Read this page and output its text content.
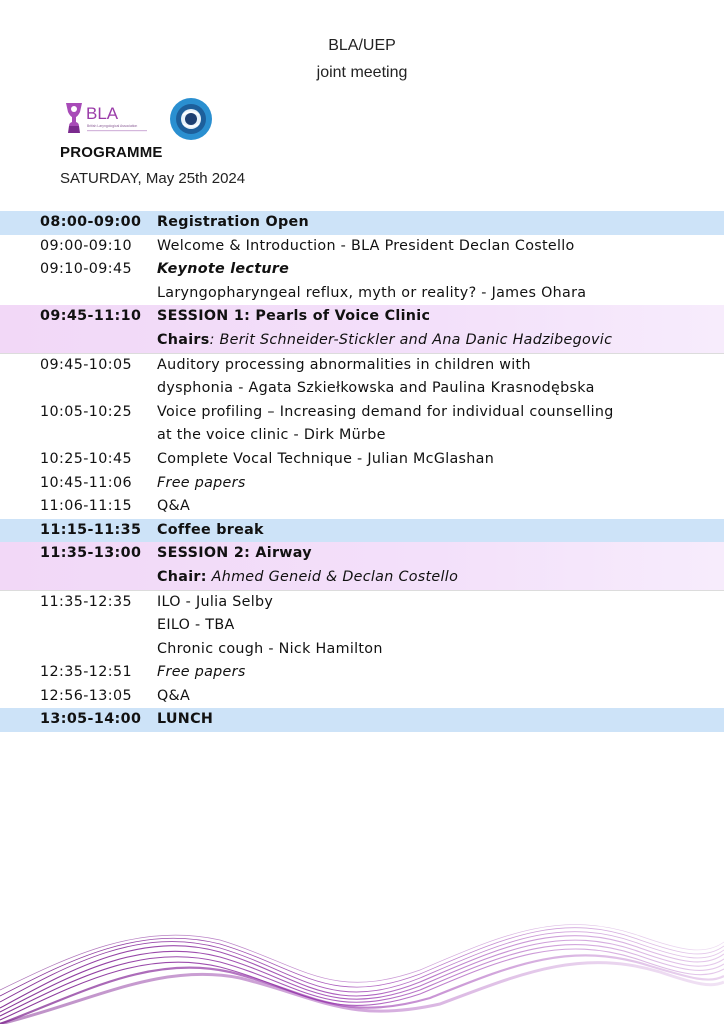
BLA/UEP
joint meeting
BLA
British Laryngological Association
PROGRAMME
SATURDAY, May 25th 2024
08:00-09:00 Registration Open
09:00-09:10 Welcome & Introduction - BLA President Declan Costello
09:10-09:45 Keynote lecture
Laryngopharyngeal reflux, myth or reality? - James Ohara
09:45-11:10 SESSION 1: Pearls of Voice Clinic
Chairs: Berit Schneider-Stickler and Ana Danic Hadzibegovic
09:45-10:05 Auditory processing abnormalities in children with
dysphonia - Agata Szkiełkowska and Paulina Krasnodębska
10:05-10:25 Voice profiling – Increasing demand for individual counselling
at the voice clinic - Dirk Mürbe
10:25-10:45 Complete Vocal Technique - Julian McGlashan
10:45-11:06 Free papers
11:06-11:15 Q&A
11:15-11:35 Coffee break
11:35-13:00 SESSION 2: Airway
Chair: Ahmed Geneid & Declan Costello
11:35-12:35 ILO - Julia Selby
EILO - TBA
Chronic cough - Nick Hamilton
12:35-12:51 Free papers
12:56-13:05 Q&A
13:05-14:00 LUNCH
